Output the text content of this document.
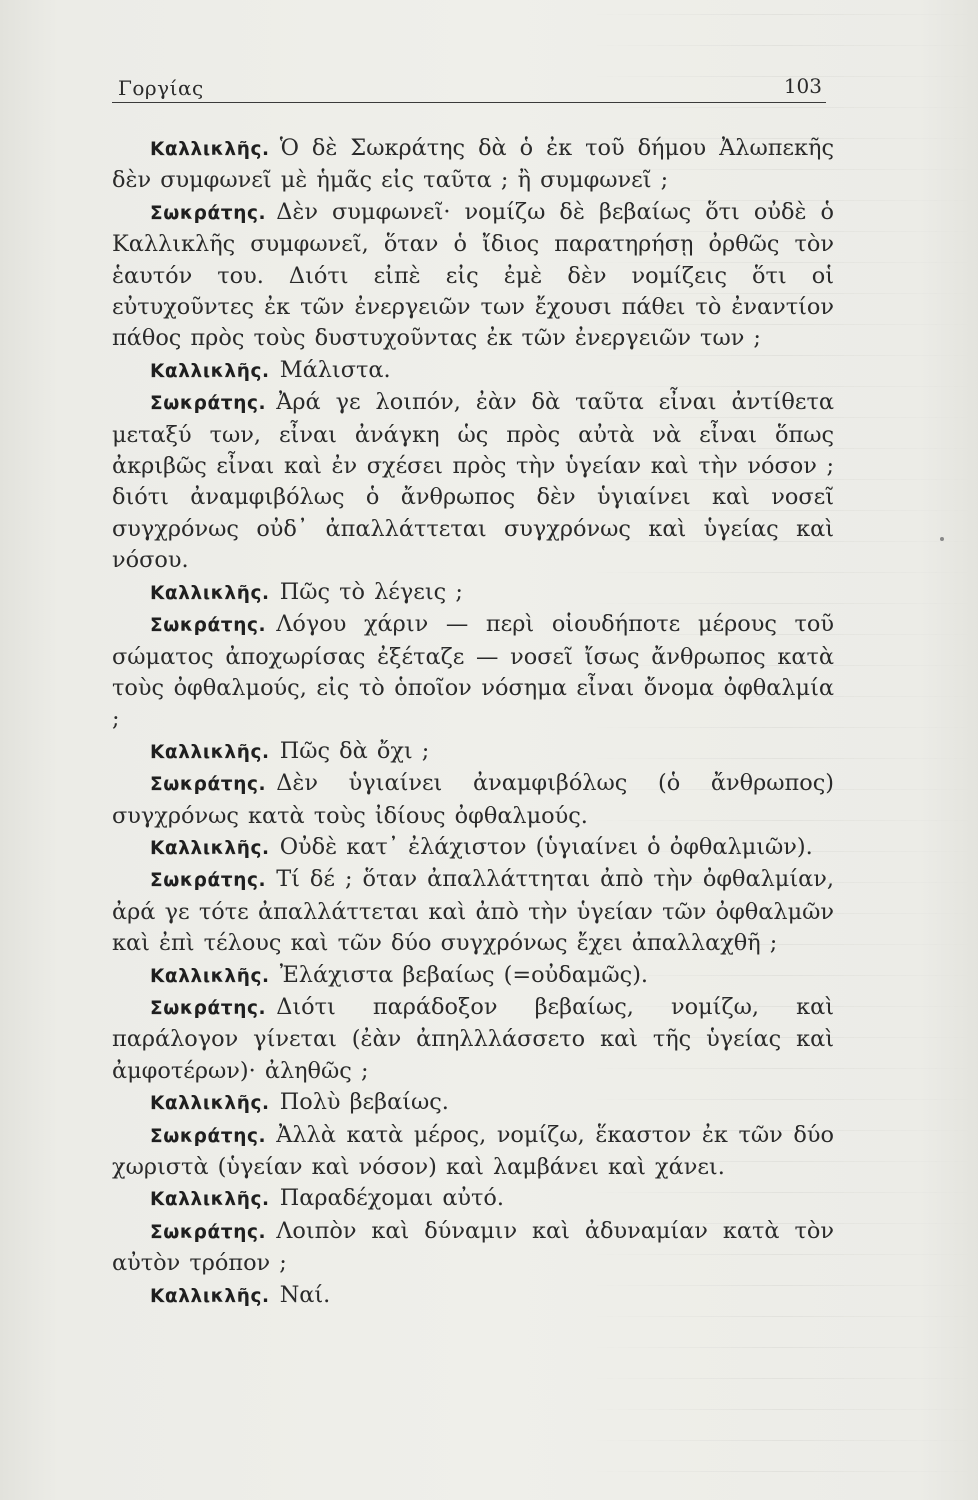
Γοργίας	103

Καλλικλῆς. Ὁ δὲ Σωκράτης δὰ ὁ ἐκ τοῦ δήμου Ἀλωπεκῆς δὲν συμφωνεῖ μὲ ἡμᾶς εἰς ταῦτα ; ἢ συμφωνεῖ ;

Σωκράτης. Δὲν συμφωνεῖ· νομίζω δὲ βεβαίως ὅτι οὐδὲ ὁ Καλλικλῆς συμφωνεῖ, ὅταν ὁ ἴδιος παρατηρήσῃ ὀρθῶς τὸν ἑαυτόν του. Διότι εἰπὲ εἰς ἐμὲ δὲν νομίζεις ὅτι οἱ εὐτυχοῦντες ἐκ τῶν ἐνεργειῶν των ἔχουσι πάθει τὸ ἐναντίον πάθος πρὸς τοὺς δυστυχοῦντας ἐκ τῶν ἐνεργειῶν των ;

Καλλικλῆς. Μάλιστα.

Σωκράτης. Ἀρά γε λοιπόν, ἐὰν δὰ ταῦτα εἶναι ἀντίθετα μεταξύ των, εἶναι ἀνάγκη ὡς πρὸς αὐτὰ νὰ εἶναι ὅπως ἀκριβῶς εἶναι καὶ ἐν σχέσει πρὸς τὴν ὑγείαν καὶ τὴν νόσον ; διότι ἀναμφιβόλως ὁ ἄνθρωπος δὲν ὑγιαίνει καὶ νοσεῖ συγχρόνως οὐδ᾽ ἀπαλλάττεται συγχρόνως καὶ ὑγείας καὶ νόσου.

Καλλικλῆς. Πῶς τὸ λέγεις ;

Σωκράτης. Λόγου χάριν — περὶ οἱουδήποτε μέρους τοῦ σώματος ἀποχωρίσας ἐξέταζε — νοσεῖ ἴσως ἄνθρωπος κατὰ τοὺς ὀφθαλμούς, εἰς τὸ ὁποῖον νόσημα εἶναι ὄνομα ὀφθαλμία ;

Καλλικλῆς. Πῶς δὰ ὄχι ;

Σωκράτης. Δὲν ὑγιαίνει ἀναμφιβόλως (ὁ ἄνθρωπος) συγχρόνως κατὰ τοὺς ἰδίους ὀφθαλμούς.

Καλλικλῆς. Οὐδὲ κατ᾽ ἐλάχιστον (ὑγιαίνει ὁ ὀφθαλμιῶν).

Σωκράτης. Τί δέ ; ὅταν ἀπαλλάττηται ἀπὸ τὴν ὀφθαλμίαν, ἀρά γε τότε ἀπαλλάττεται καὶ ἀπὸ τὴν ὑγείαν τῶν ὀφθαλμῶν καὶ ἐπὶ τέλους καὶ τῶν δύο συγχρόνως ἔχει ἀπαλλαχθῆ ;

Καλλικλῆς. Ἐλάχιστα βεβαίως (=οὐδαμῶς).

Σωκράτης. Διότι παράδοξον βεβαίως, νομίζω, καὶ παράλογον γίνεται (ἐὰν ἀπηλλλάσσετο καὶ τῆς ὑγείας καὶ ἀμφοτέρων)· ἀληθῶς ;

Καλλικλῆς. Πολὺ βεβαίως.

Σωκράτης. Ἀλλὰ κατὰ μέρος, νομίζω, ἕκαστον ἐκ τῶν δύο χωριστὰ (ὑγείαν καὶ νόσον) καὶ λαμβάνει καὶ χάνει.

Καλλικλῆς. Παραδέχομαι αὐτό.

Σωκράτης. Λοιπὸν καὶ δύναμιν καὶ ἀδυναμίαν κατὰ τὸν αὐτὸν τρόπον ;

Καλλικλῆς. Ναί.
